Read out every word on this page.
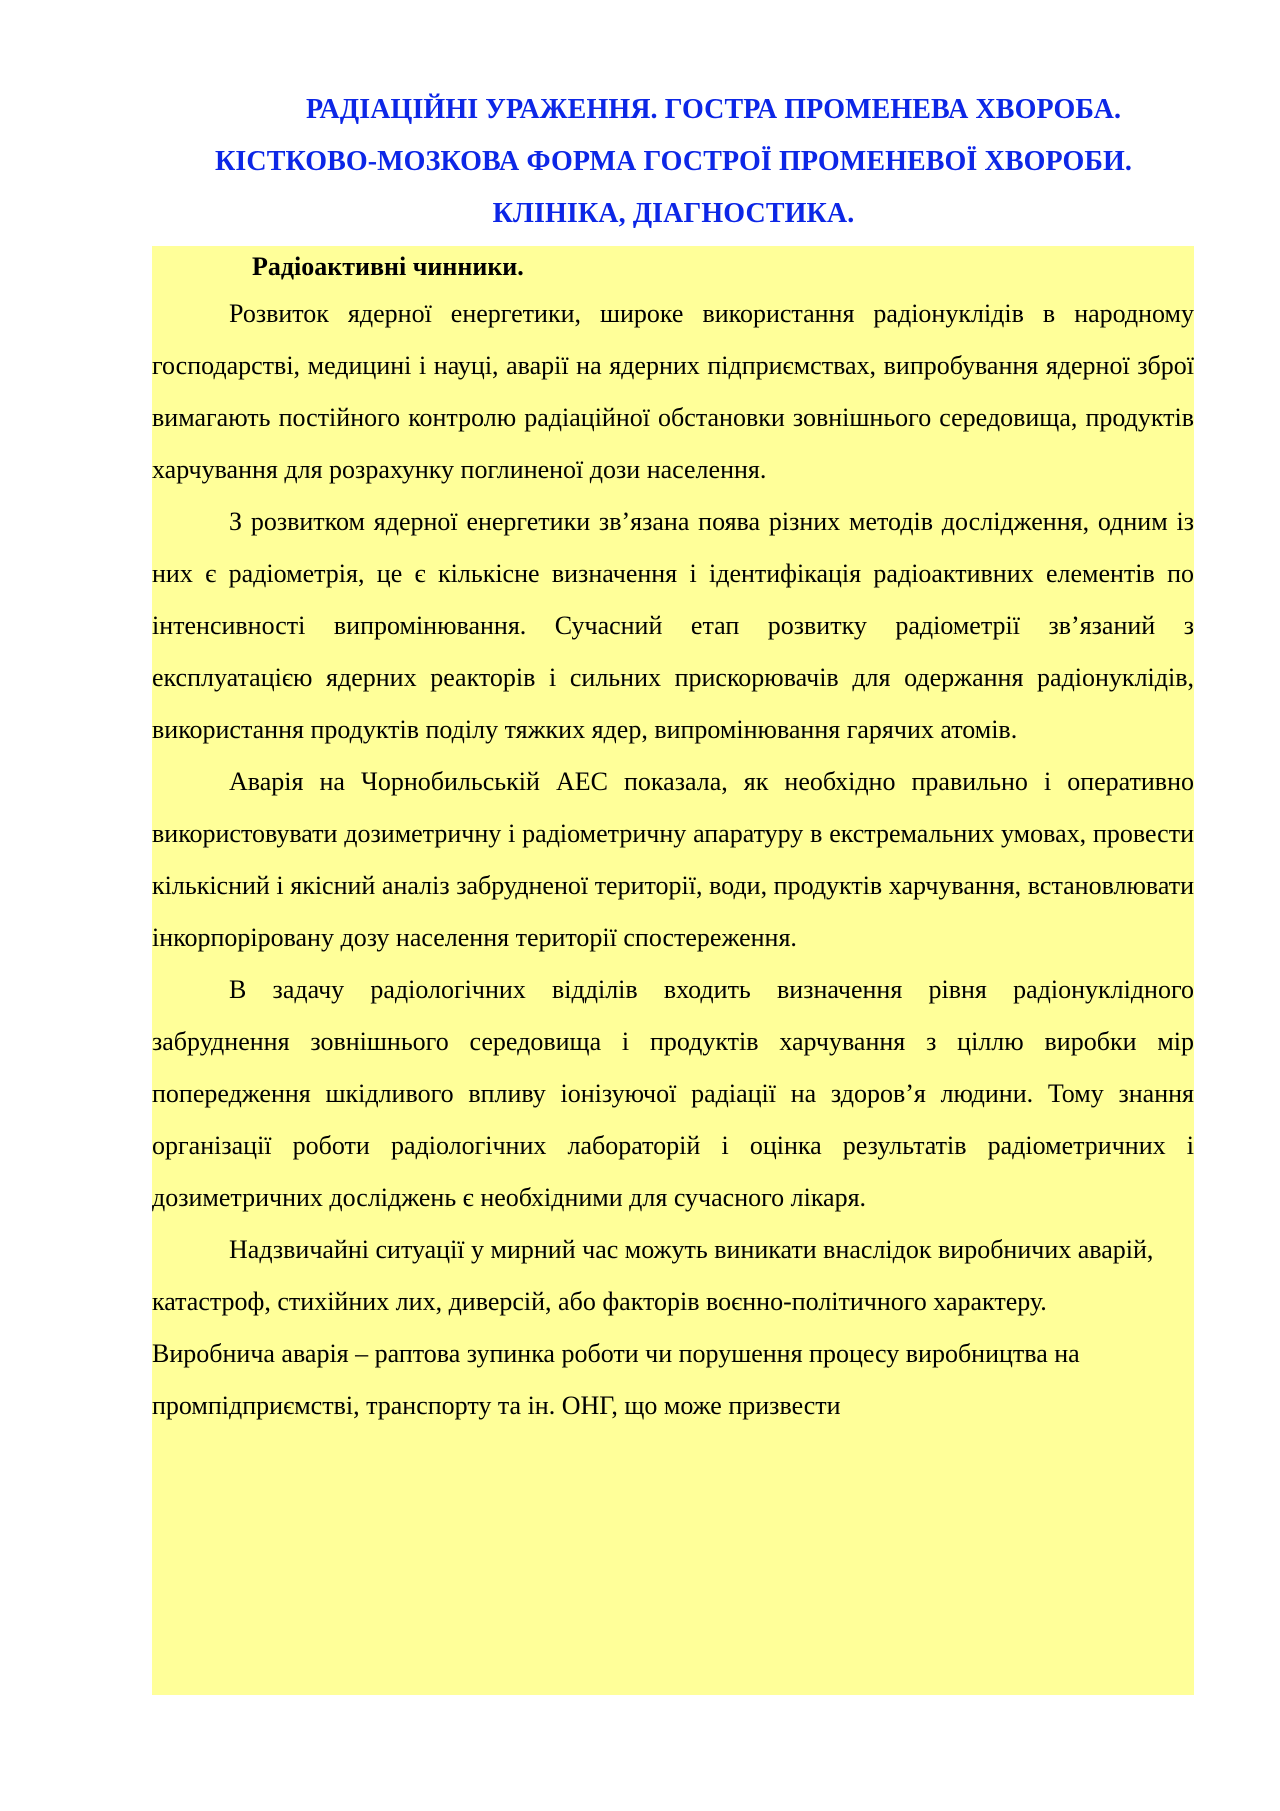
РАДІАЦІЙНІ УРАЖЕННЯ. ГОСТРА ПРОМЕНЕВА ХВОРОБА.
КІСТКОВО-МОЗКОВА ФОРМА ГОСТРОЇ ПРОМЕНЕВОЇ ХВОРОБИ.
КЛІНІКА, ДІАГНОСТИКА.

Радіоактивні чинники.

Розвиток ядерної енергетики, широке використання радіонуклідів в народному господарстві, медицині і науці, аварії на ядерних підприємствах, випробування ядерної зброї вимагають постійного контролю радіаційної обстановки зовнішнього середовища, продуктів харчування для розрахунку поглиненої дози населення.

З розвитком ядерної енергетики зв’язана поява різних методів дослідження, одним із них є радіометрія, це є кількісне визначення і ідентифікація радіоактивних елементів по інтенсивності випромінювання. Сучасний етап розвитку радіометрії зв’язаний з експлуатацією ядерних реакторів і сильних прискорювачів для одержання радіонуклідів, використання продуктів поділу тяжких ядер, випромінювання гарячих атомів.

Аварія на Чорнобильській АЕС показала, як необхідно правильно і оперативно використовувати дозиметричну і радіометричну апаратуру в екстремальних умовах, провести кількісний і якісний аналіз забрудненої території, води, продуктів харчування, встановлювати інкорпоріровану дозу населення території спостереження.

В задачу радіологічних відділів входить визначення рівня радіонуклідного забруднення зовнішнього середовища і продуктів харчування з ціллю виробки мір попередження шкідливого впливу іонізуючої радіації на здоров’я людини. Тому знання організації роботи радіологічних лабораторій і оцінка результатів радіометричних і дозиметричних досліджень є необхідними для сучасного лікаря.

Надзвичайні ситуації у мирний час можуть виникати внаслідок виробничих аварій, катастроф, стихійних лих, диверсій, або факторів воєнно-політичного характеру.

Виробнича аварія – раптова зупинка роботи чи порушення процесу виробництва на промпідприємстві, транспорту та ін. ОНГ, що може призвести
